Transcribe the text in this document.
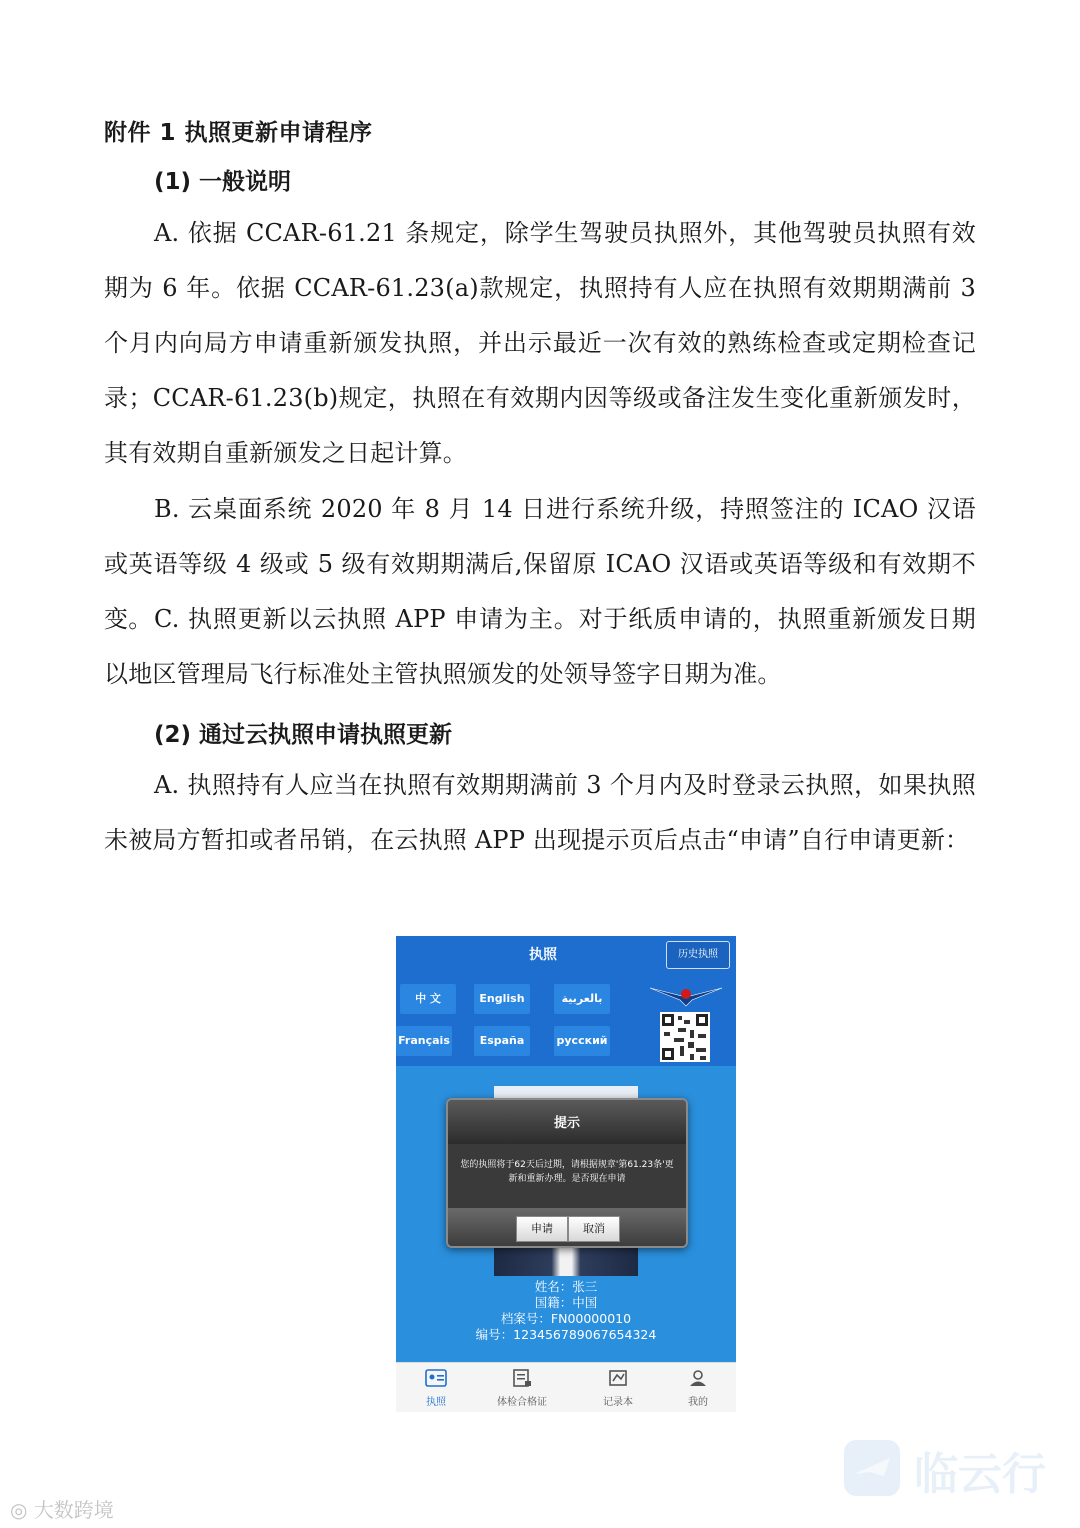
附件 1 执照更新申请程序
(1) 一般说明

A. 依据 CCAR-61.21 条规定，除学生驾驶员执照外，其他驾驶员执照有效期为 6 年。依据 CCAR-61.23(a)款规定，执照持有人应在执照有效期期满前 3 个月内向局方申请重新颁发执照，并出示最近一次有效的熟练检查或定期检查记录；CCAR-61.23(b)规定，执照在有效期内因等级或备注发生变化重新颁发时，其有效期自重新颁发之日起计算。

B. 云桌面系统 2020 年 8 月 14 日进行系统升级，持照签注的 ICAO 汉语或英语等级 4 级或 5 级有效期期满后,保留原 ICAO 汉语或英语等级和有效期不变。 C. 执照更新以云执照 APP 申请为主。对于纸质申请的，执照重新颁发日期以地区管理局飞行标准处主管执照颁发的处领导签字日期为准。

(2) 通过云执照申请执照更新

A. 执照持有人应当在执照有效期期满前 3 个月内及时登录云执照，如果执照未被局方暂扣或者吊销，在云执照 APP 出现提示页后点击“申请”自行申请更新：

执照	历史执照
中 文	English	بالعربية
Français	España	русский
提示
您的执照将于62天后过期，请根据规章'第61.23条'更新和重新办理。是否现在申请
申请	取消
姓名：张三
国籍：中国
档案号：FN00000010
编号：123456789067654324
执照	体检合格证	记录本	我的
临云行
◎ 大数跨境
